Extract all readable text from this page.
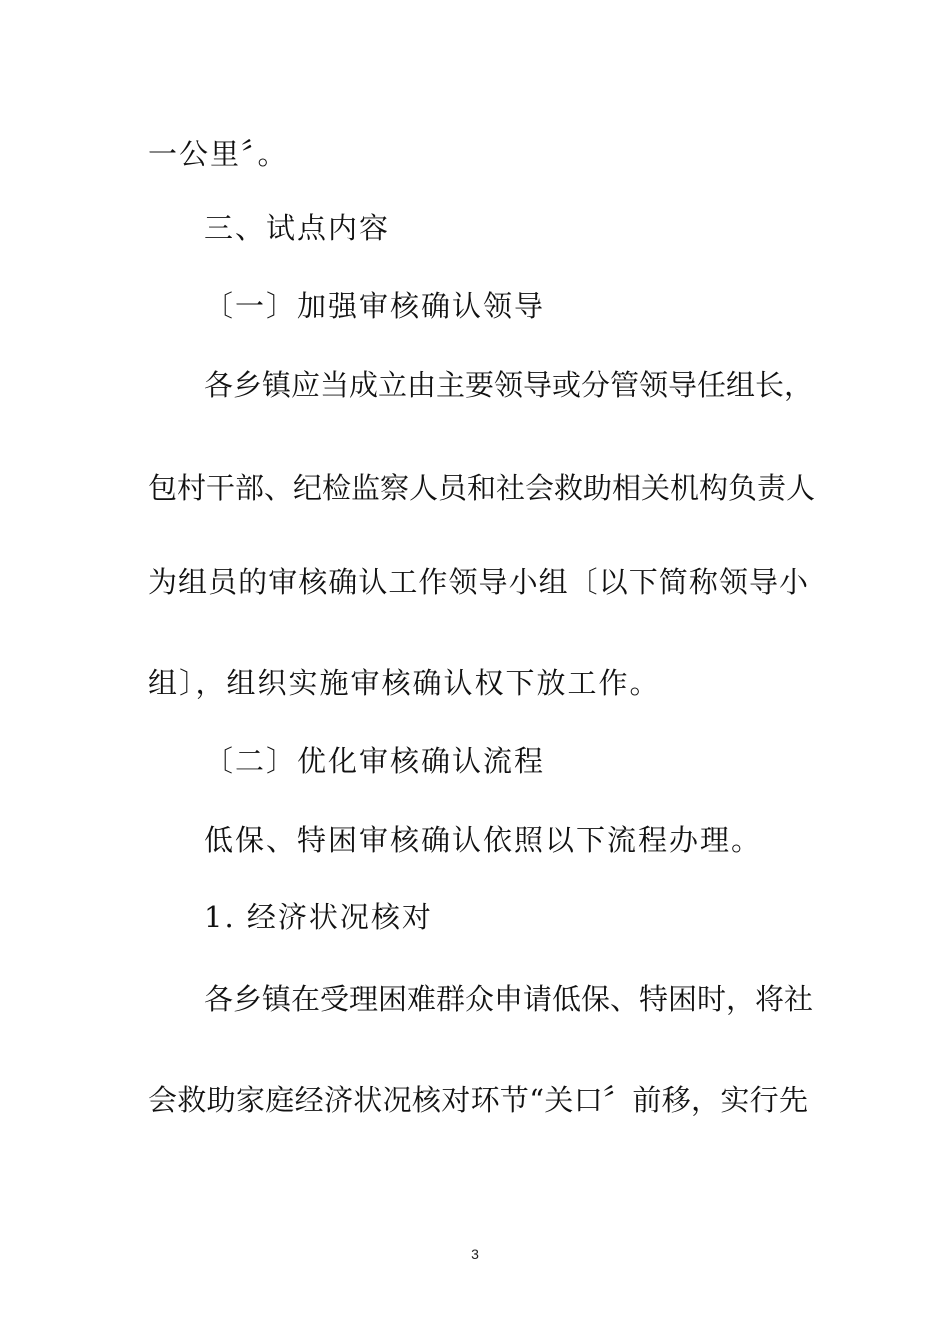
一公里〞。
三、试点内容
〔一〕加强审核确认领导
各乡镇应当成立由主要领导或分管领导任组长，
包村干部、纪检监察人员和社会救助相关机构负责人
为组员的审核确认工作领导小组〔以下简称领导小
组〕，组织实施审核确认权下放工作。
〔二〕优化审核确认流程
低保、特困审核确认依照以下流程办理。
1. 经济状况核对
各乡镇在受理困难群众申请低保、特困时，将社
会救助家庭经济状况核对环节“关口〞前移，实行先
3
